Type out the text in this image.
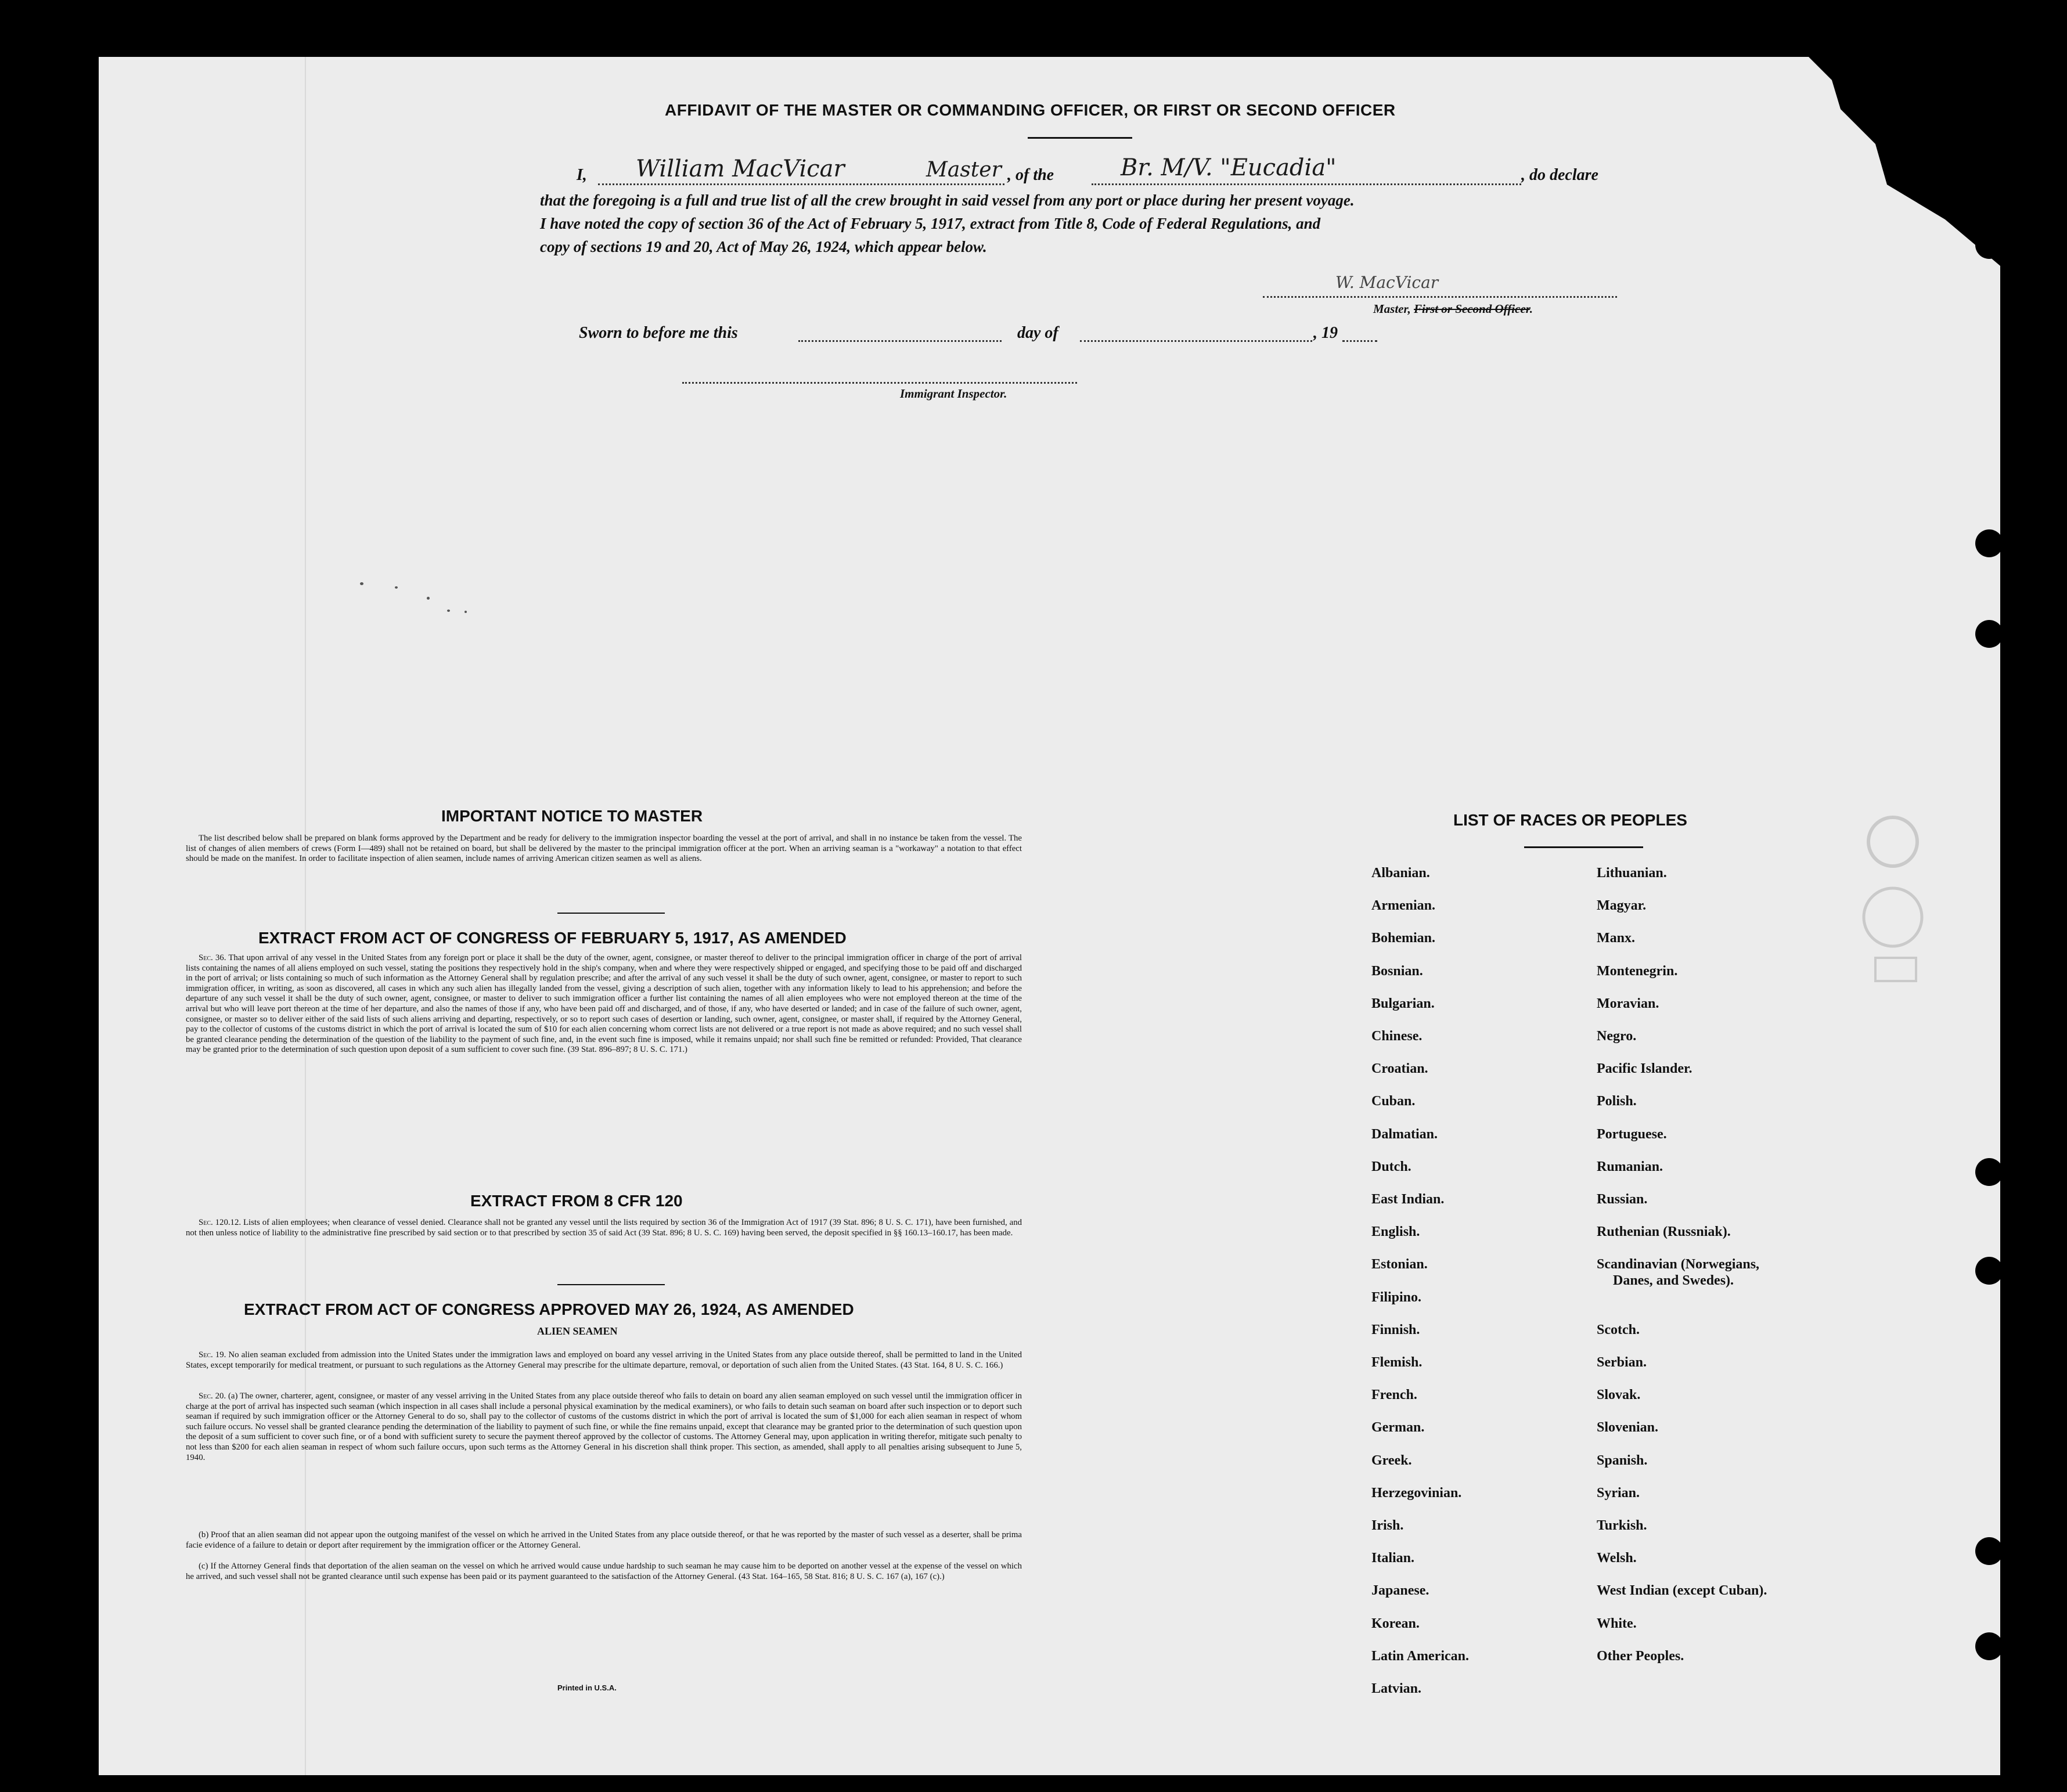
AFFIDAVIT OF THE MASTER OR COMMANDING OFFICER, OR FIRST OR SECOND OFFICER
I, William MacVicar	Master , of the	Br. M/V. "Eucadia"	, do declare
that the foregoing is a full and true list of all the crew brought in said vessel from any port or place during her present voyage.
I have noted the copy of section 36 of the Act of February 5, 1917, extract from Title 8, Code of Federal Regulations, and
copy of sections 19 and 20, Act of May 26, 1924, which appear below.
W. MacVicar
Master, First or Second Officer.
Sworn to before me this	day of	, 19
Immigrant Inspector.
IMPORTANT NOTICE TO MASTER
The list described below shall be prepared on blank forms approved by the Department and be ready for delivery to the immigration inspector boarding the vessel at the port of arrival, and shall in no instance be taken from the vessel. The list of changes of alien members of crews (Form I—489) shall not be retained on board, but shall be delivered by the master to the principal immigration officer at the port. When an arriving seaman is a "workaway" a notation to that effect should be made on the manifest. In order to facilitate inspection of alien seamen, include names of arriving American citizen seamen as well as aliens.
EXTRACT FROM ACT OF CONGRESS OF FEBRUARY 5, 1917, AS AMENDED
Sec. 36. That upon arrival of any vessel in the United States from any foreign port or place it shall be the duty of the owner, agent, consignee, or master thereof to deliver to the principal immigration officer in charge of the port of arrival lists containing the names of all aliens employed on such vessel, stating the positions they respectively hold in the ship's company, when and where they were respectively shipped or engaged, and specifying those to be paid off and discharged in the port of arrival; or lists containing so much of such information as the Attorney General shall by regulation prescribe; and after the arrival of any such vessel it shall be the duty of such owner, agent, consignee, or master to report to such immigration officer, in writing, as soon as discovered, all cases in which any such alien has illegally landed from the vessel, giving a description of such alien, together with any information likely to lead to his apprehension; and before the departure of any such vessel it shall be the duty of such owner, agent, consignee, or master to deliver to such immigration officer a further list containing the names of all alien employees who were not employed thereon at the time of the arrival but who will leave port thereon at the time of her departure, and also the names of those if any, who have been paid off and discharged, and of those, if any, who have deserted or landed; and in case of the failure of such owner, agent, consignee, or master so to deliver either of the said lists of such aliens arriving and departing, respectively, or so to report such cases of desertion or landing, such owner, agent, consignee, or master shall, if required by the Attorney General, pay to the collector of customs of the customs district in which the port of arrival is located the sum of $10 for each alien concerning whom correct lists are not delivered or a true report is not made as above required; and no such vessel shall be granted clearance pending the determination of the question of the liability to the payment of such fine, and, in the event such fine is imposed, while it remains unpaid; nor shall such fine be remitted or refunded: Provided, That clearance may be granted prior to the determination of such question upon deposit of a sum sufficient to cover such fine. (39 Stat. 896–897; 8 U. S. C. 171.)
EXTRACT FROM 8 CFR 120
Sec. 120.12. Lists of alien employees; when clearance of vessel denied. Clearance shall not be granted any vessel until the lists required by section 36 of the Immigration Act of 1917 (39 Stat. 896; 8 U. S. C. 171), have been furnished, and not then unless notice of liability to the administrative fine prescribed by said section or to that prescribed by section 35 of said Act (39 Stat. 896; 8 U. S. C. 169) having been served, the deposit specified in §§ 160.13–160.17, has been made.
EXTRACT FROM ACT OF CONGRESS APPROVED MAY 26, 1924, AS AMENDED
ALIEN SEAMEN
Sec. 19. No alien seaman excluded from admission into the United States under the immigration laws and employed on board any vessel arriving in the United States from any place outside thereof, shall be permitted to land in the United States, except temporarily for medical treatment, or pursuant to such regulations as the Attorney General may prescribe for the ultimate departure, removal, or deportation of such alien from the United States. (43 Stat. 164, 8 U. S. C. 166.)
Sec. 20. (a) The owner, charterer, agent, consignee, or master of any vessel arriving in the United States from any place outside thereof who fails to detain on board any alien seaman employed on such vessel until the immigration officer in charge at the port of arrival has inspected such seaman (which inspection in all cases shall include a personal physical examination by the medical examiners), or who fails to detain such seaman on board after such inspection or to deport such seaman if required by such immigration officer or the Attorney General to do so, shall pay to the collector of customs of the customs district in which the port of arrival is located the sum of $1,000 for each alien seaman in respect of whom such failure occurs. No vessel shall be granted clearance pending the determination of the liability to payment of such fine, or while the fine remains unpaid, except that clearance may be granted prior to the determination of such question upon the deposit of a sum sufficient to cover such fine, or of a bond with sufficient surety to secure the payment thereof approved by the collector of customs. The Attorney General may, upon application in writing therefor, mitigate such penalty to not less than $200 for each alien seaman in respect of whom such failure occurs, upon such terms as the Attorney General in his discretion shall think proper. This section, as amended, shall apply to all penalties arising subsequent to June 5, 1940.
(b) Proof that an alien seaman did not appear upon the outgoing manifest of the vessel on which he arrived in the United States from any place outside thereof, or that he was reported by the master of such vessel as a deserter, shall be prima facie evidence of a failure to detain or deport after requirement by the immigration officer or the Attorney General.
(c) If the Attorney General finds that deportation of the alien seaman on the vessel on which he arrived would cause undue hardship to such seaman he may cause him to be deported on another vessel at the expense of the vessel on which he arrived, and such vessel shall not be granted clearance until such expense has been paid or its payment guaranteed to the satisfaction of the Attorney General. (43 Stat. 164–165, 58 Stat. 816; 8 U. S. C. 167 (a), 167 (c).)
Printed in U.S.A.
LIST OF RACES OR PEOPLES
Albanian.
Armenian.
Bohemian.
Bosnian.
Bulgarian.
Chinese.
Croatian.
Cuban.
Dalmatian.
Dutch.
East Indian.
English.
Estonian.
Filipino.
Finnish.
Flemish.
French.
German.
Greek.
Herzegovinian.
Irish.
Italian.
Japanese.
Korean.
Latin American.
Latvian.
Lithuanian.
Magyar.
Manx.
Montenegrin.
Moravian.
Negro.
Pacific Islander.
Polish.
Portuguese.
Rumanian.
Russian.
Ruthenian (Russniak).
Scandinavian (Norwegians,
Danes, and Swedes).
Scotch.
Serbian.
Slovak.
Slovenian.
Spanish.
Syrian.
Turkish.
Welsh.
West Indian (except Cuban).
White.
Other Peoples.
